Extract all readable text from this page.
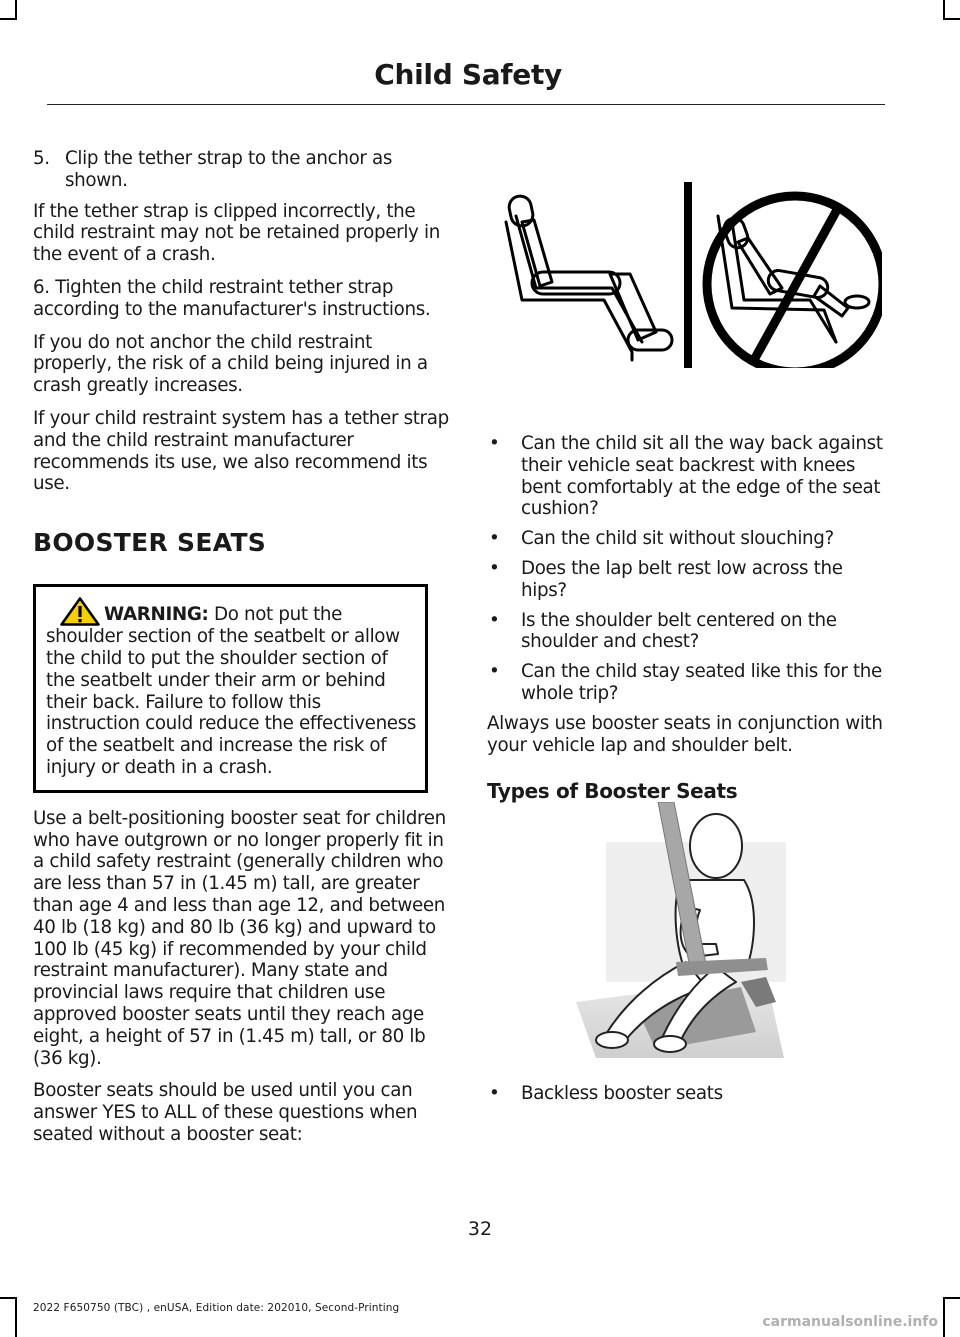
Child Safety
5. Clip the tether strap to the anchor as shown.

If the tether strap is clipped incorrectly, the child restraint may not be retained properly in the event of a crash.

6. Tighten the child restraint tether strap according to the manufacturer's instructions.

If you do not anchor the child restraint properly, the risk of a child being injured in a crash greatly increases.

If your child restraint system has a tether strap and the child restraint manufacturer recommends its use, we also recommend its use.

BOOSTER SEATS
WARNING: Do not put the shoulder section of the seatbelt or allow the child to put the shoulder section of the seatbelt under their arm or behind their back. Failure to follow this instruction could reduce the effectiveness of the seatbelt and increase the risk of injury or death in a crash.

Use a belt-positioning booster seat for children who have outgrown or no longer properly fit in a child safety restraint (generally children who are less than 57 in (1.45 m) tall, are greater than age 4 and less than age 12, and between 40 lb (18 kg) and 80 lb (36 kg) and upward to 100 lb (45 kg) if recommended by your child restraint manufacturer). Many state and provincial laws require that children use approved booster seats until they reach age eight, a height of 57 in (1.45 m) tall, or 80 lb (36 kg).

Booster seats should be used until you can answer YES to ALL of these questions when seated without a booster seat:

• Can the child sit all the way back against their vehicle seat backrest with knees bent comfortably at the edge of the seat cushion?
• Can the child sit without slouching?
• Does the lap belt rest low across the hips?
• Is the shoulder belt centered on the shoulder and chest?
• Can the child stay seated like this for the whole trip?

Always use booster seats in conjunction with your vehicle lap and shoulder belt.

Types of Booster Seats
• Backless booster seats

32

2022 F650750 (TBC) , enUSA, Edition date: 202010, Second-Printing

carmanualsonline.info
